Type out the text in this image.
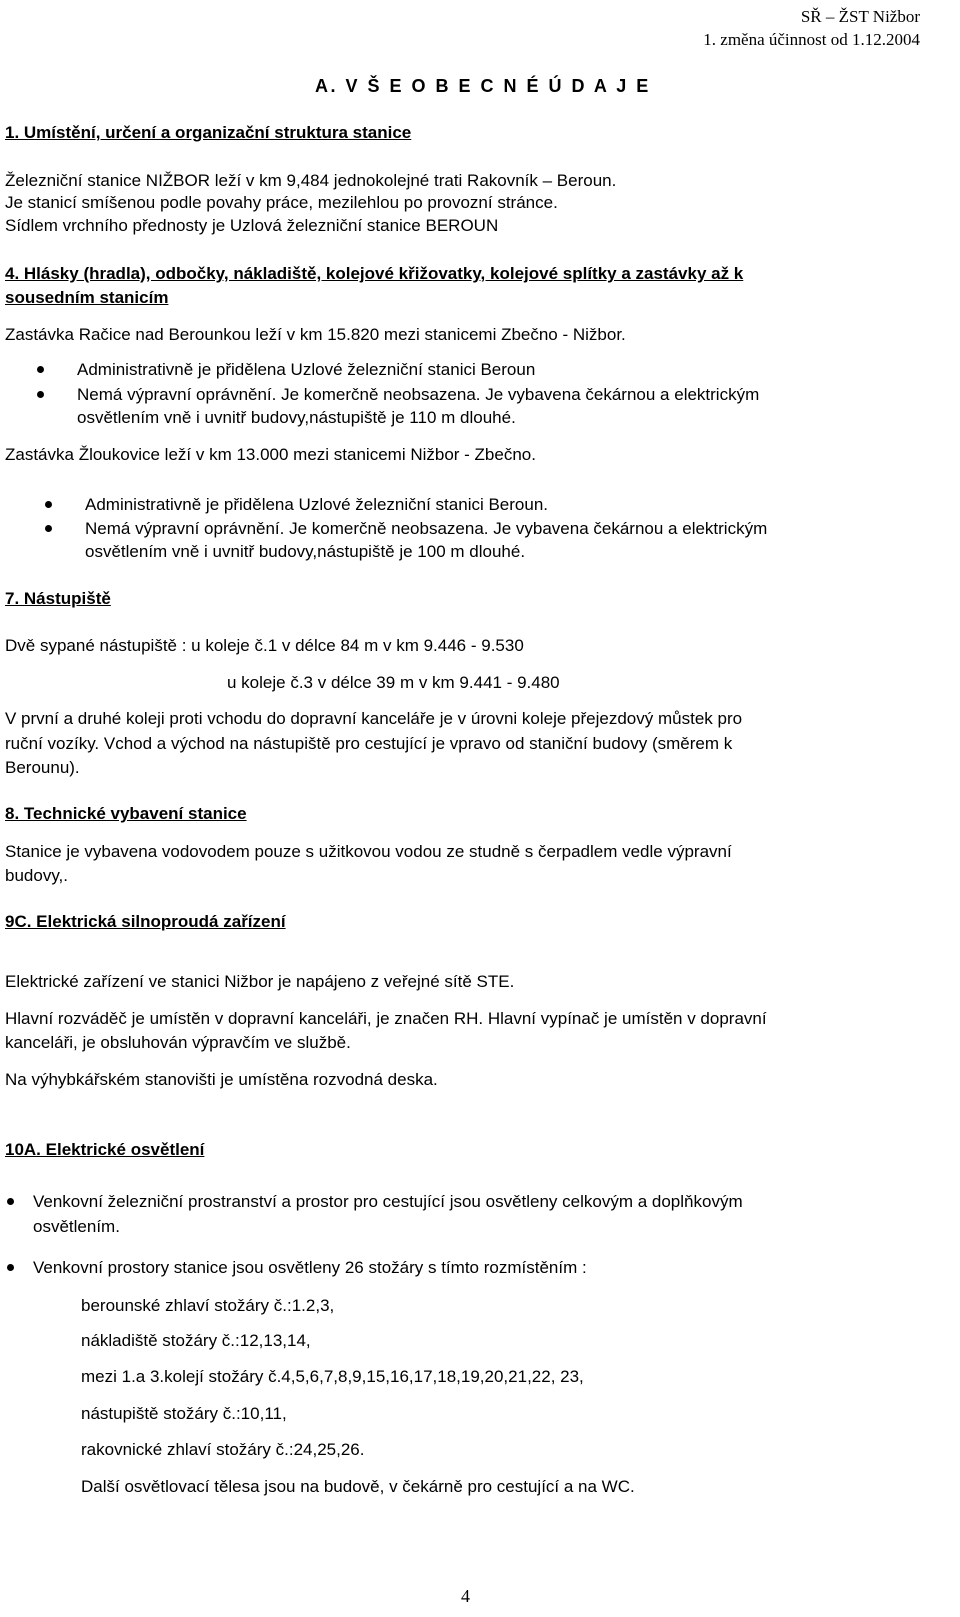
SŘ – ŽST Nižbor
1. změna účinnost od 1.12.2004
A. V Š E O B E C N É Ú D A J E
1. Umístění, určení a organizační struktura stanice
Železniční stanice NIŽBOR leží v km 9,484 jednokolejné trati Rakovník – Beroun.
Je stanicí smíšenou podle povahy práce, mezilehlou po provozní stránce.
Sídlem vrchního přednosty je Uzlová železniční stanice BEROUN
4. Hlásky (hradla), odbočky, nákladiště, kolejové křižovatky, kolejové splítky a zastávky až k
sousedním stanicím
Zastávka Račice nad Berounkou leží v km 15.820 mezi stanicemi Zbečno - Nižbor.
Administrativně je přidělena Uzlové železniční stanici Beroun
Nemá výpravní oprávnění. Je komerčně neobsazena. Je vybavena čekárnou a elektrickým
osvětlením vně i uvnitř budovy,nástupiště je 110 m dlouhé.
Zastávka Žloukovice leží v km 13.000 mezi stanicemi Nižbor - Zbečno.
Administrativně je přidělena Uzlové železniční stanici Beroun.
Nemá výpravní oprávnění. Je komerčně neobsazena. Je vybavena čekárnou a elektrickým
osvětlením vně i uvnitř budovy,nástupiště je 100 m dlouhé.
7. Nástupiště
Dvě sypané nástupiště : u koleje č.1 v délce 84 m v km 9.446 - 9.530
u koleje č.3 v délce 39 m v km 9.441 - 9.480
V první a druhé koleji proti vchodu do dopravní kanceláře je v úrovni koleje přejezdový můstek pro
ruční vozíky. Vchod a východ na nástupiště pro cestující je vpravo od staniční budovy (směrem k
Berounu).
8. Technické vybavení stanice
Stanice je vybavena vodovodem pouze s užitkovou vodou ze studně s čerpadlem vedle výpravní
budovy,.
9C. Elektrická silnoproudá zařízení
Elektrické zařízení ve stanici Nižbor je napájeno z veřejné sítě STE.
Hlavní rozváděč je umístěn v dopravní kanceláři, je značen RH. Hlavní vypínač je umístěn v dopravní
kanceláři, je obsluhován výpravčím ve službě.
Na výhybkářském stanovišti je umístěna rozvodná deska.
10A. Elektrické osvětlení
Venkovní železniční prostranství a prostor pro cestující jsou osvětleny celkovým a doplňkovým
osvětlením.
Venkovní prostory stanice jsou osvětleny 26 stožáry s tímto rozmístěním :
berounské zhlaví stožáry č.:1.2,3,
nákladiště stožáry č.:12,13,14,
mezi 1.a 3.kolejí stožáry č.4,5,6,7,8,9,15,16,17,18,19,20,21,22, 23,
nástupiště stožáry č.:10,11,
rakovnické zhlaví stožáry č.:24,25,26.
Další osvětlovací tělesa jsou na budově, v čekárně pro cestující a na WC.
4
